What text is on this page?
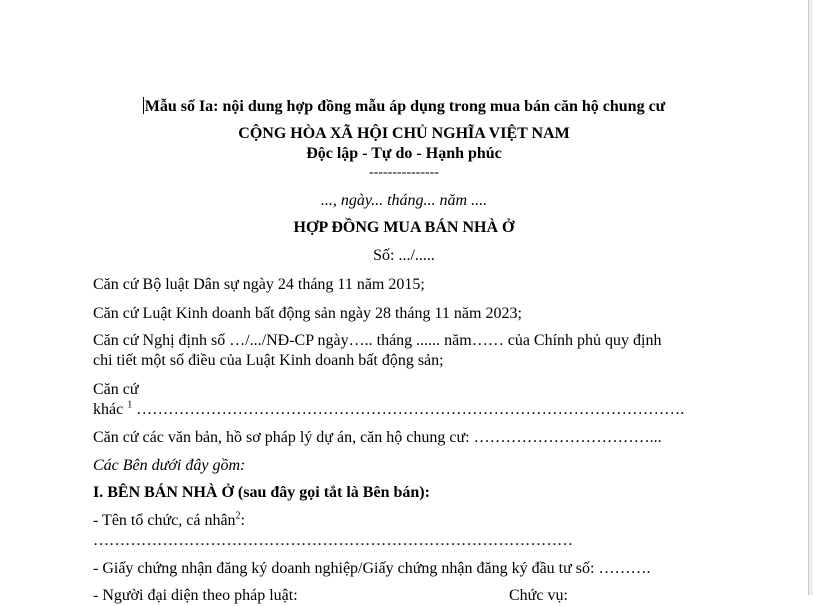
Mẫu số Ia: nội dung hợp đồng mẫu áp dụng trong mua bán căn hộ chung cư
CỘNG HÒA XÃ HỘI CHỦ NGHĨA VIỆT NAM
Độc lập - Tự do - Hạnh phúc
---------------
..., ngày... tháng... năm ....
HỢP ĐỒNG MUA BÁN NHÀ Ở
Số: .../.....
Căn cứ Bộ luật Dân sự ngày 24 tháng 11 năm 2015;
Căn cứ Luật Kinh doanh bất động sản ngày 28 tháng 11 năm 2023;
Căn cứ Nghị định số …/.../NĐ-CP ngày….. tháng ...... năm…… của Chính phủ quy định
chi tiết một số điều của Luật Kinh doanh bất động sản;
Căn cứ
khác $^1$ ………………………………………………………………………………………….
Căn cứ các văn bản, hồ sơ pháp lý dự án, căn hộ chung cư: ……………………………...
Các Bên dưới đây gồm:
I. BÊN BÁN NHÀ Ở (sau đây gọi tắt là Bên bán):
- Tên tổ chức, cá nhân$^2$:
………………………………………………………………………………
- Giấy chứng nhận đăng ký doanh nghiệp/Giấy chứng nhận đăng ký đầu tư số: ……….
- Người đại diện theo pháp luật:	Chức vụ:
